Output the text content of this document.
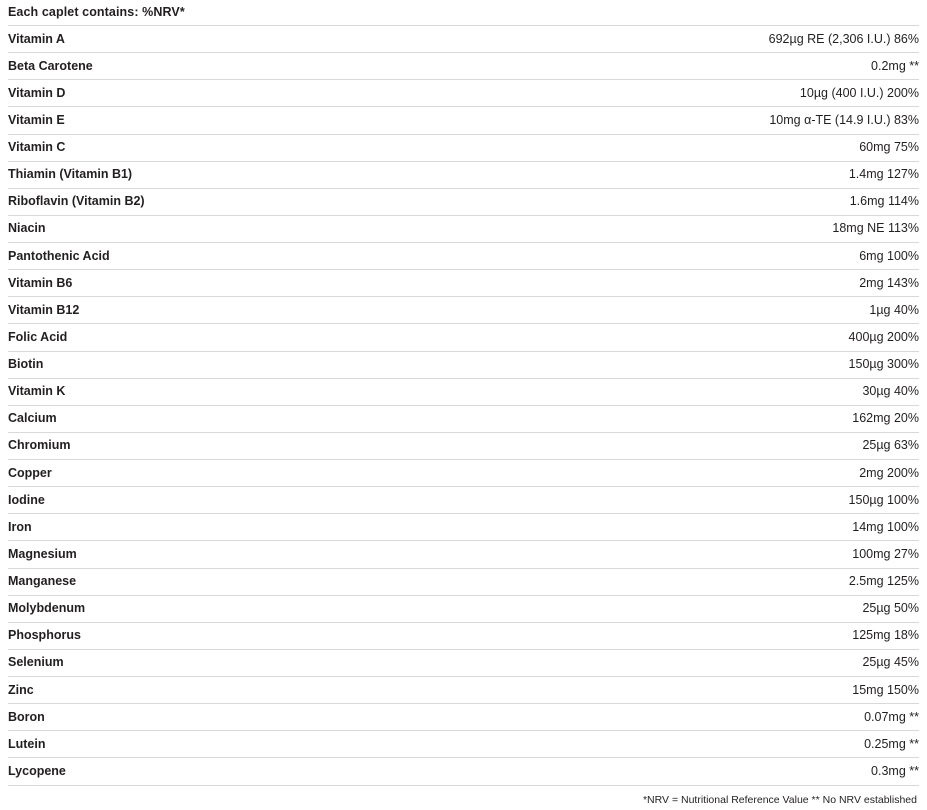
Each caplet contains: %NRV*
Vitamin A	692µg RE (2,306 I.U.) 86%
Beta Carotene	0.2mg **
Vitamin D	10µg (400 I.U.) 200%
Vitamin E	10mg α-TE (14.9 I.U.) 83%
Vitamin C	60mg 75%
Thiamin (Vitamin B1)	1.4mg 127%
Riboflavin (Vitamin B2)	1.6mg 114%
Niacin	18mg NE 113%
Pantothenic Acid	6mg 100%
Vitamin B6	2mg 143%
Vitamin B12	1µg 40%
Folic Acid	400µg 200%
Biotin	150µg 300%
Vitamin K	30µg 40%
Calcium	162mg 20%
Chromium	25µg 63%
Copper	2mg 200%
Iodine	150µg 100%
Iron	14mg 100%
Magnesium	100mg 27%
Manganese	2.5mg 125%
Molybdenum	25µg 50%
Phosphorus	125mg 18%
Selenium	25µg 45%
Zinc	15mg 150%
Boron	0.07mg **
Lutein	0.25mg **
Lycopene	0.3mg **
*NRV = Nutritional Reference Value ** No NRV established
